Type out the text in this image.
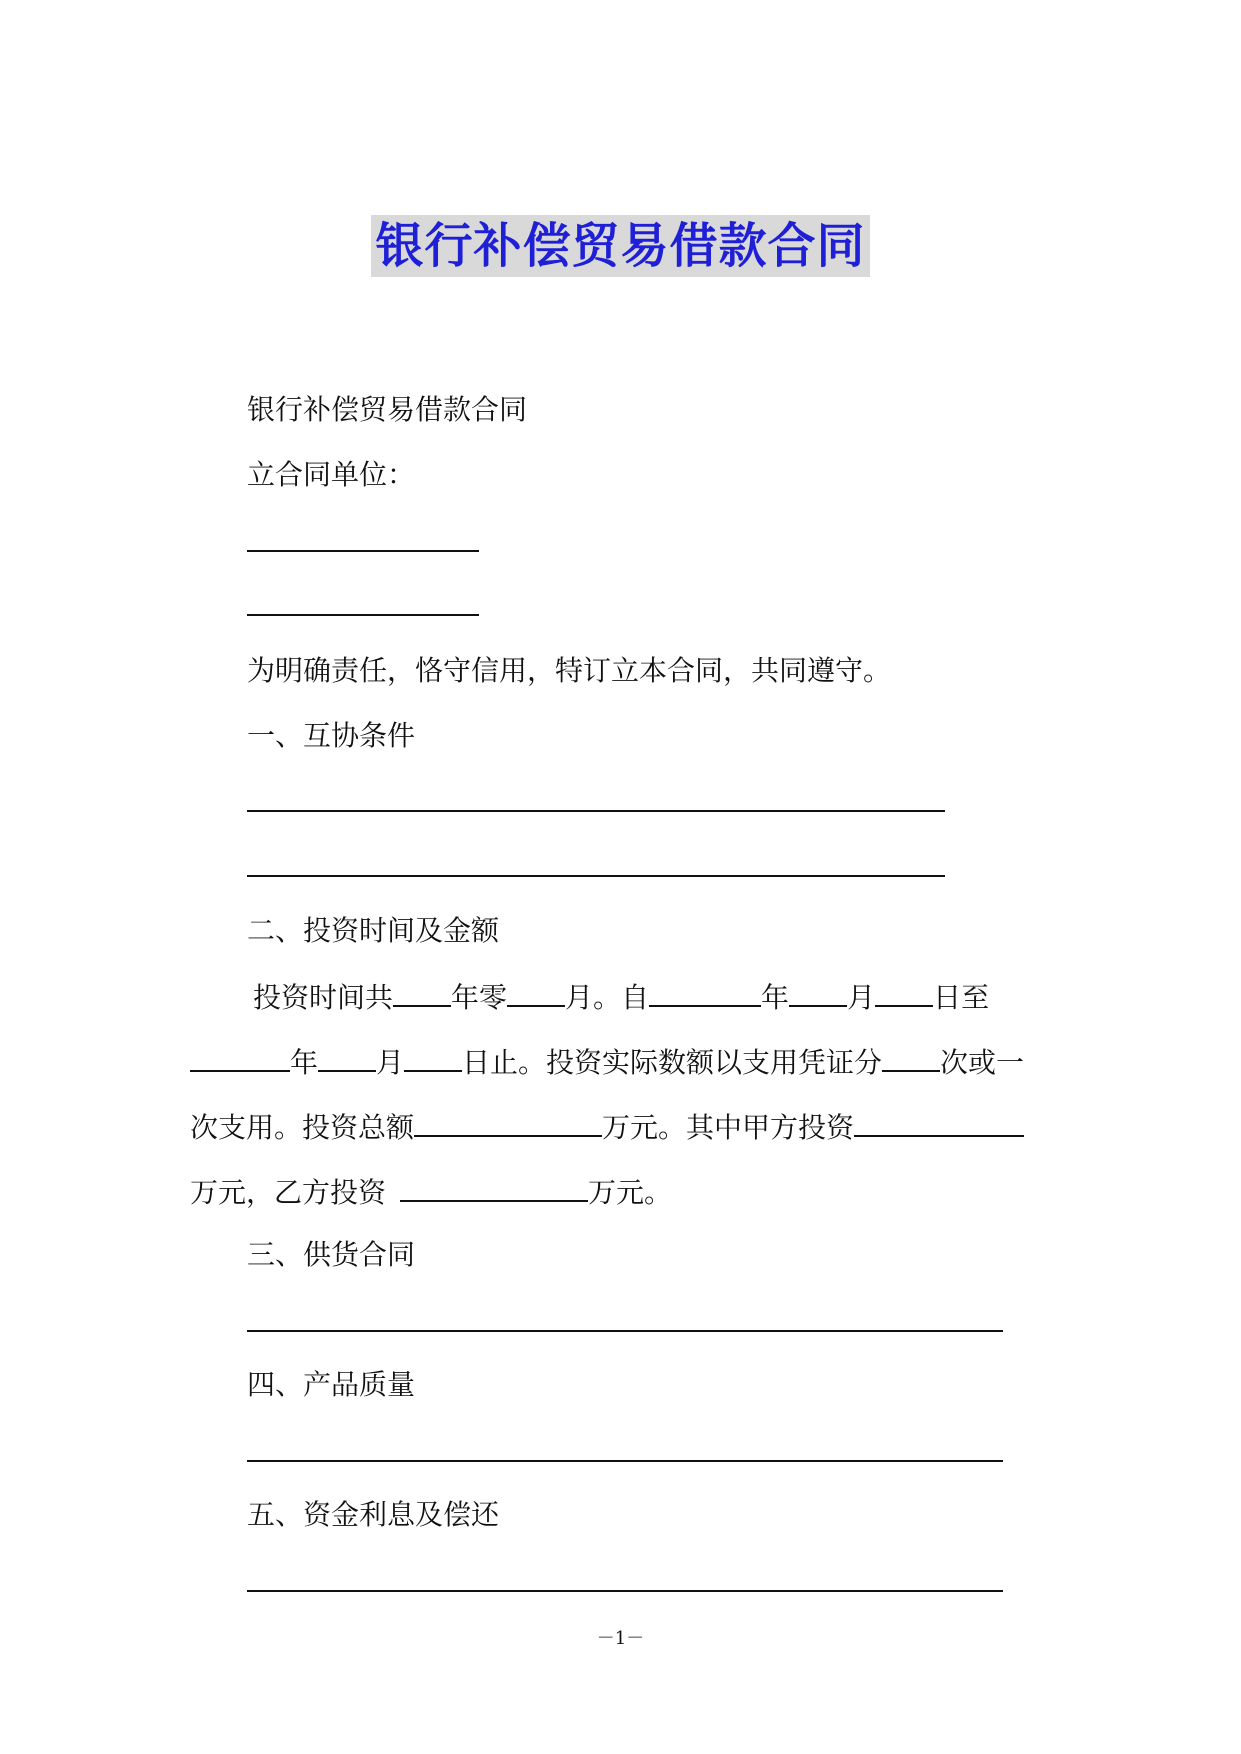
银行补偿贸易借款合同
银行补偿贸易借款合同
立合同单位：
为明确责任，恪守信用，特订立本合同，共同遵守。
一、互协条件
二、投资时间及金额
投资时间共 年零 月。自	年 月 日至
年 月 日止。投资实际数额以支用凭证分 次或一
次支用。投资总额	万元。其中甲方投资
万元，乙方投资	万元。
三、供货合同
四、产品质量
五、资金利息及偿还
－1－
